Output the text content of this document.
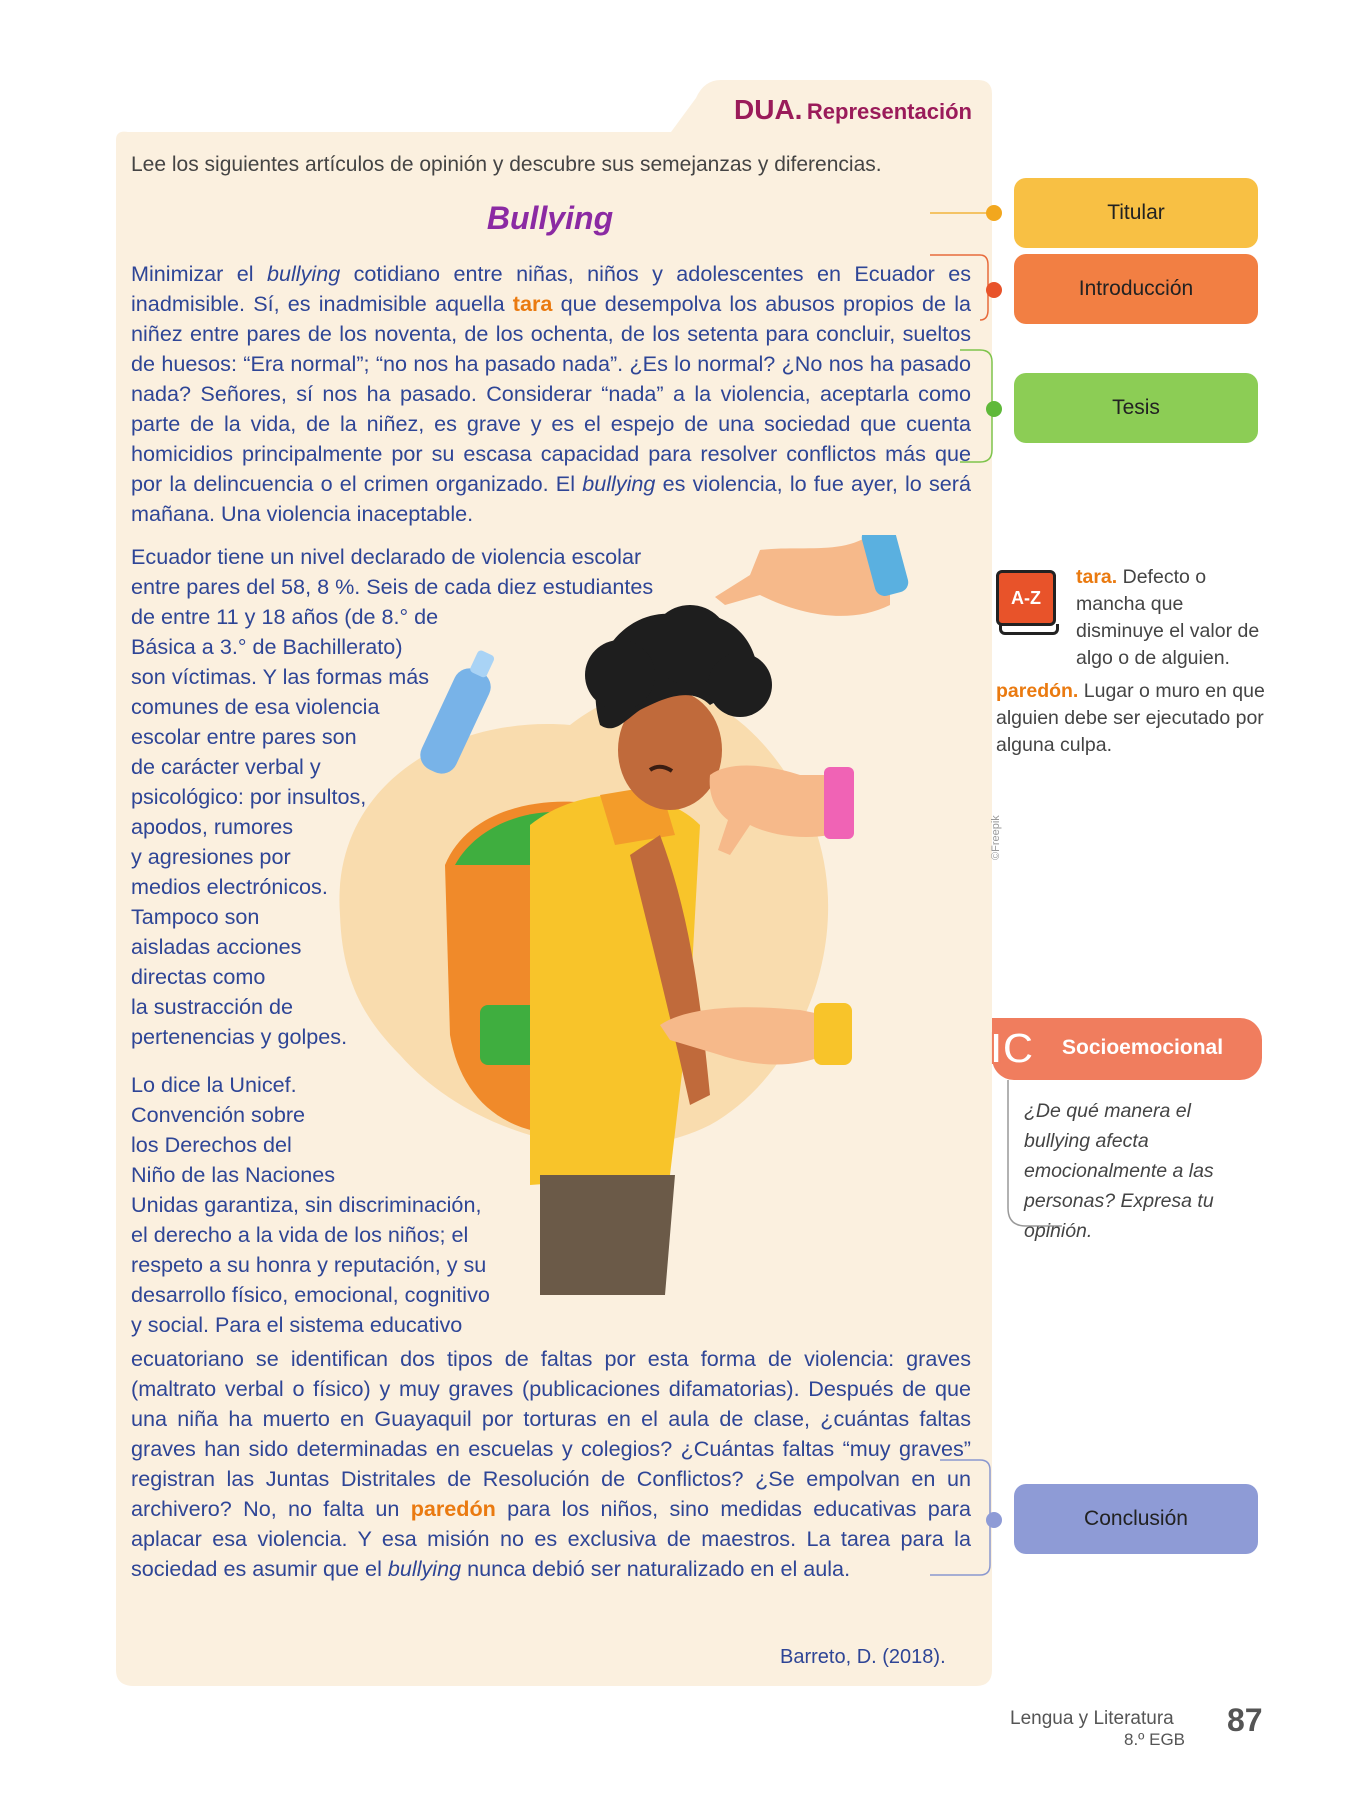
DUA. Representación
Lee los siguientes artículos de opinión y descubre sus semejanzas y diferencias.
Bullying

Minimizar el bullying cotidiano entre niñas, niños y adolescentes en Ecuador es inadmisible. Sí, es inadmisible aquella tara que desempolva los abusos propios de la niñez entre pares de los noventa, de los ochenta, de los setenta para concluir, sueltos de huesos: “Era normal”; “no nos ha pasado nada”. ¿Es lo normal? ¿No nos ha pasado nada? Señores, sí nos ha pasado. Considerar “nada” a la violencia, aceptarla como parte de la vida, de la niñez, es grave y es el espejo de una sociedad que cuenta homicidios principalmente por su escasa capacidad para resolver conflictos más que por la delincuencia o el crimen organizado. El bullying es violencia, lo fue ayer, lo será mañana. Una violencia inaceptable.

Ecuador tiene un nivel declarado de violencia escolar
entre pares del 58, 8 %. Seis de cada diez estudiantes
de entre 11 y 18 años (de 8.° de
Básica a 3.° de Bachillerato)
son víctimas. Y las formas más
comunes de esa violencia
escolar entre pares son
de carácter verbal y
psicológico: por insultos,
apodos, rumores
y agresiones por
medios electrónicos.
Tampoco son
aisladas acciones
directas como
la sustracción de
pertenencias y golpes.
©Freepik
Lo dice la Unicef.
Convención sobre
los Derechos del
Niño de las Naciones
Unidas garantiza, sin discriminación,
el derecho a la vida de los niños; el
respeto a su honra y reputación, y su
desarrollo físico, emocional, cognitivo
y social. Para el sistema educativo

ecuatoriano se identifican dos tipos de faltas por esta forma de violencia: graves (maltrato verbal o físico) y muy graves (publicaciones difamatorias). Después de que una niña ha muerto en Guayaquil por torturas en el aula de clase, ¿cuántas faltas graves han sido determinadas en escuelas y colegios? ¿Cuántas faltas “muy graves” registran las Juntas Distritales de Resolución de Conflictos? ¿Se empolvan en un archivero? No, no falta un paredón para los niños, sino medidas educativas para aplacar esa violencia. Y esa misión no es exclusiva de maestros. La tarea para la sociedad es asumir que el bullying nunca debió ser naturalizado en el aula.

Barreto, D. (2018).
Titular
Introducción
Tesis
Conclusión
A-Z
tara. Defecto o mancha que disminuye el valor de algo o de alguien.
paredón. Lugar o muro en que alguien debe ser ejecutado por alguna culpa.
IC Socioemocional
¿De qué manera el bullying afecta emocionalmente a las personas? Expresa tu opinión.
Lengua y Literatura
8.º EGB
87
